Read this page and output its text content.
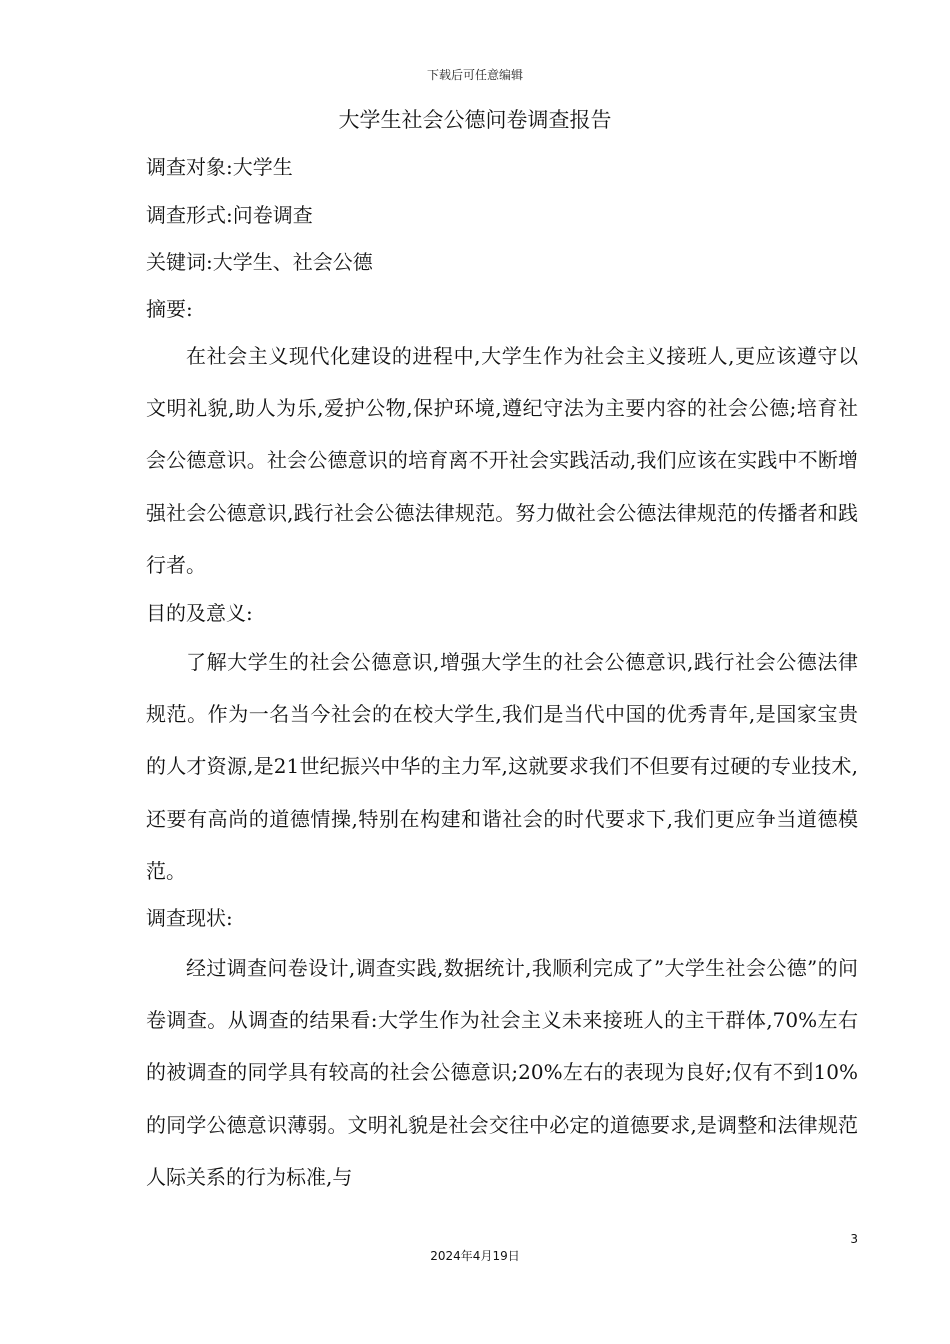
下载后可任意编辑
大学生社会公德问卷调查报告

调查对象:大学生

调查形式:问卷调查

关键词:大学生、社会公德

摘要:

在社会主义现代化建设的进程中,大学生作为社会主义接班人,更应该遵守以文明礼貌,助人为乐,爱护公物,保护环境,遵纪守法为主要内容的社会公德;培育社会公德意识。社会公德意识的培育离不开社会实践活动,我们应该在实践中不断增强社会公德意识,践行社会公德法律规范。努力做社会公德法律规范的传播者和践行者。

目的及意义:

了解大学生的社会公德意识,增强大学生的社会公德意识,践行社会公德法律规范。作为一名当今社会的在校大学生,我们是当代中国的优秀青年,是国家宝贵的人才资源,是21世纪振兴中华的主力军,这就要求我们不但要有过硬的专业技术,还要有高尚的道德情操,特别在构建和谐社会的时代要求下,我们更应争当道德模范。

调查现状:

经过调查问卷设计,调查实践,数据统计,我顺利完成了”大学生社会公德”的问卷调查。从调查的结果看:大学生作为社会主义未来接班人的主干群体,70%左右的被调查的同学具有较高的社会公德意识;20%左右的表现为良好;仅有不到10%的同学公德意识薄弱。文明礼貌是社会交往中必定的道德要求,是调整和法律规范人际关系的行为标准,与

3
2024年4月19日
